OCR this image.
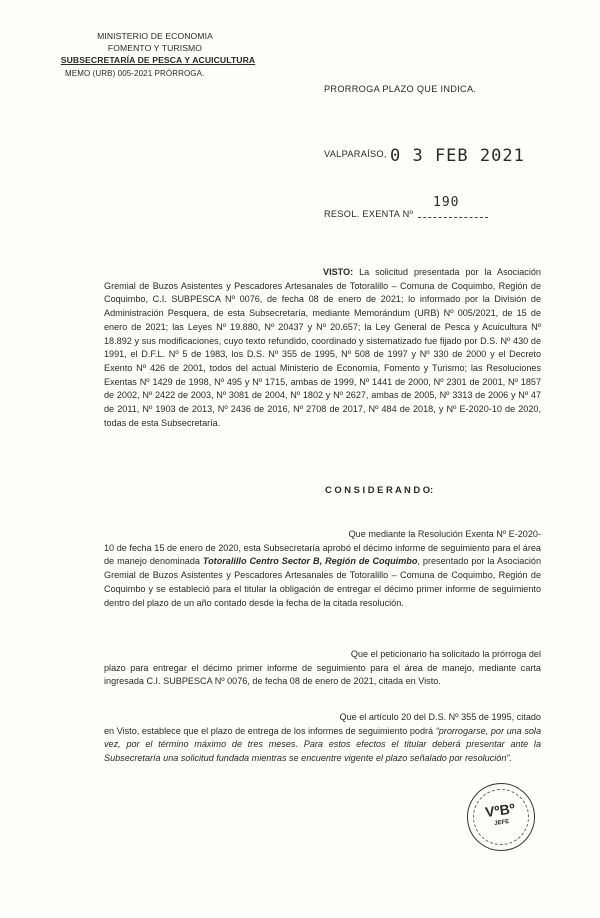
MINISTERIO DE ECONOMIA
FOMENTO Y TURISMO
SUBSECRETARÍA DE PESCA Y ACUICULTURA
MEMO (URB) 005-2021 PRÓRROGA.
PRORROGA PLAZO QUE INDICA.
VALPARAÍSO, 0 3 FEB 2021
RESOL. EXENTA Nº
190
VISTO: La solicitud presentada por la Asociación Gremial de Buzos Asistentes y Pescadores Artesanales de Totoralillo – Comuna de Coquimbo, Región de Coquimbo, C.I. SUBPESCA Nº 0076, de fecha 08 de enero de 2021; lo informado por la División de Administración Pesquera, de esta Subsecretaría, mediante Memorándum (URB) Nº 005/2021, de 15 de enero de 2021; las Leyes Nº 19.880, Nº 20437 y Nº 20.657; la Ley General de Pesca y Acuicultura Nº 18.892 y sus modificaciones, cuyo texto refundido, coordinado y sistematizado fue fijado por D.S. Nº 430 de 1991, el D.F.L. Nº 5 de 1983, los D.S. Nº 355 de 1995, Nº 508 de 1997 y Nº 330 de 2000 y el Decreto Exento Nº 426 de 2001, todos del actual Ministerio de Economía, Fomento y Turismo; las Resoluciones Exentas Nº 1429 de 1998, Nº 495 y Nº 1715, ambas de 1999, Nº 1441 de 2000, Nº 2301 de 2001, Nº 1857 de 2002, Nº 2422 de 2003, Nº 3081 de 2004, Nº 1802 y Nº 2627, ambas de 2005, Nº 3313 de 2006 y Nº 47 de 2011, Nº 1903 de 2013, Nº 2436 de 2016, Nº 2708 de 2017, Nº 484 de 2018, y Nº E-2020-10 de 2020, todas de esta Subsecretaría.
C O N S I D E R A N D O:
Que mediante la Resolución Exenta Nº E-2020-
10 de fecha 15 de enero de 2020, esta Subsecretaría aprobó el décimo informe de seguimiento para el área de manejo denominada Totoralillo Centro Sector B, Región de Coquimbo, presentado por la Asociación Gremial de Buzos Asistentes y Pescadores Artesanales de Totoralillo – Comuna de Coquimbo, Región de Coquimbo y se estableció para el titular la obligación de entregar el décimo primer informe de seguimiento dentro del plazo de un año contado desde la fecha de la citada resolución.
Que el peticionario ha solicitado la prórroga del
plazo para entregar el décimo primer informe de seguimiento para el área de manejo, mediante carta ingresada C.I. SUBPESCA Nº 0076, de fecha 08 de enero de 2021, citada en Visto.
Que el artículo 20 del D.S. Nº 355 de 1995, citado
en Visto, establece que el plazo de entrega de los informes de seguimiento podrá “prorrogarse, por una sola vez, por el término máximo de tres meses. Para estos efectos el titular deberá presentar ante la Subsecretaría una solicitud fundada mientras se encuentre vigente el plazo señalado por resolución”.
VºBº
JEFE
